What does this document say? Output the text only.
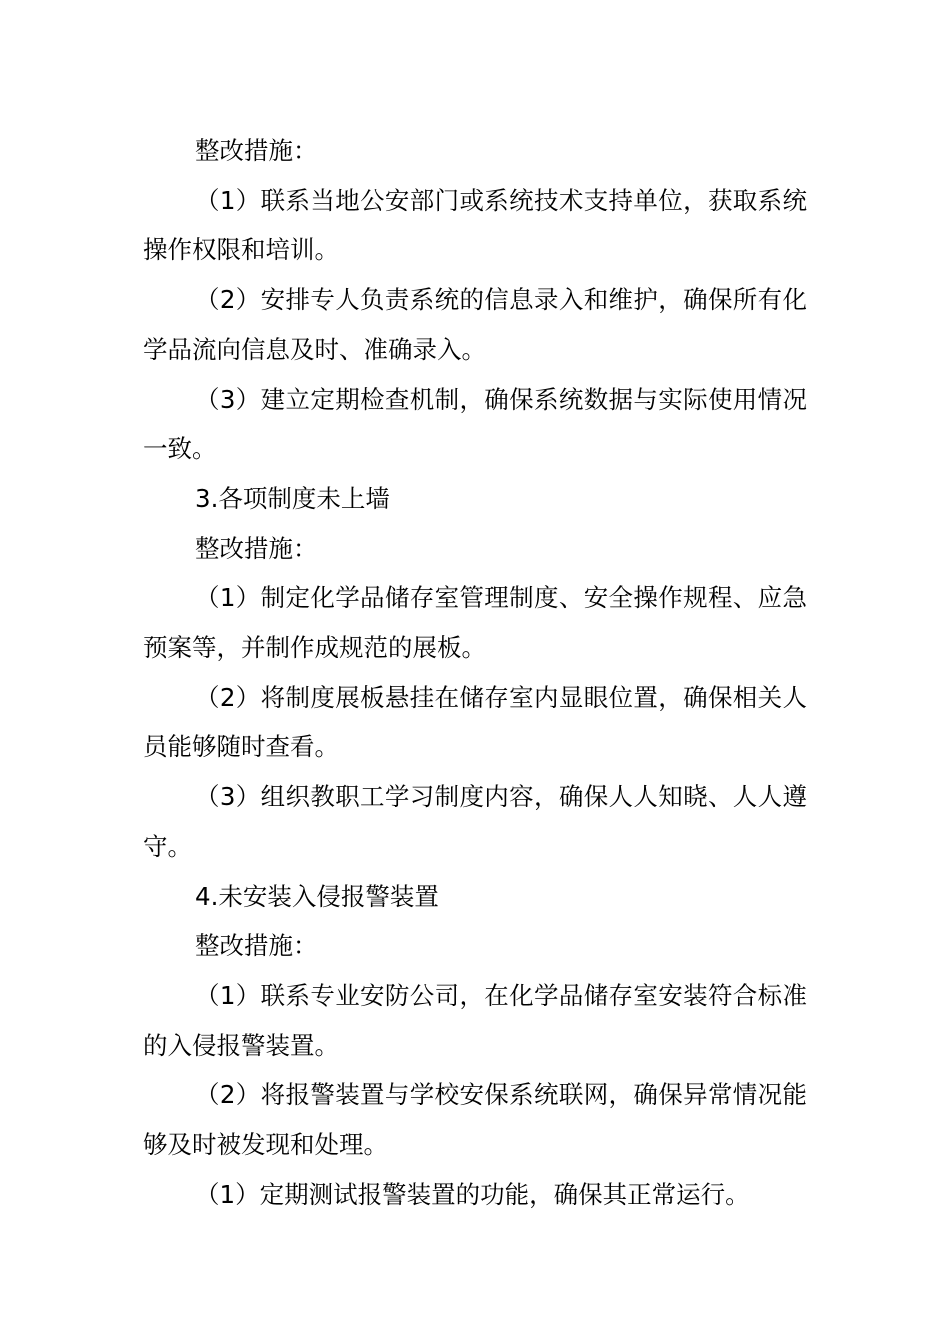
整改措施：

（1）联系当地公安部门或系统技术支持单位，获取系统操作权限和培训。

（2）安排专人负责系统的信息录入和维护，确保所有化学品流向信息及时、准确录入。

（3）建立定期检查机制，确保系统数据与实际使用情况一致。

3.各项制度未上墙

整改措施：

（1）制定化学品储存室管理制度、安全操作规程、应急预案等，并制作成规范的展板。

（2）将制度展板悬挂在储存室内显眼位置，确保相关人员能够随时查看。

（3）组织教职工学习制度内容，确保人人知晓、人人遵守。

4.未安装入侵报警装置

整改措施：

（1）联系专业安防公司，在化学品储存室安装符合标准的入侵报警装置。

（2）将报警装置与学校安保系统联网，确保异常情况能够及时被发现和处理。

（1）定期测试报警装置的功能，确保其正常运行。
